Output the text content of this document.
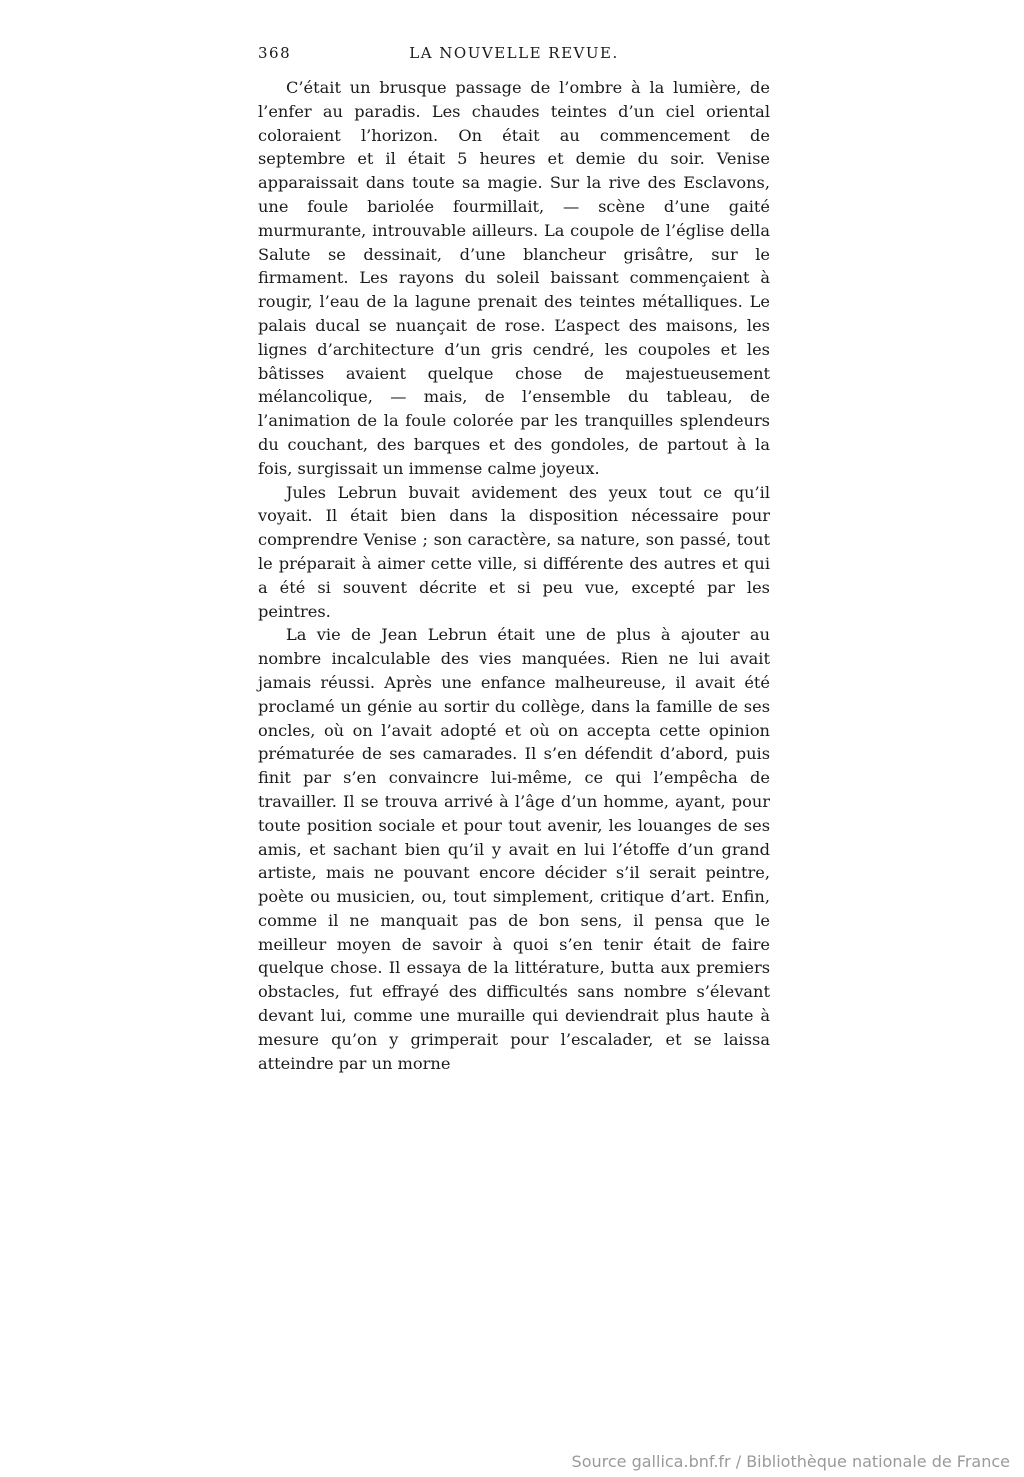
368	LA NOUVELLE REVUE.

C’était un brusque passage de l’ombre à la lumière, de l’enfer au paradis. Les chaudes teintes d’un ciel oriental coloraient l’horizon. On était au commencement de septembre et il était 5 heures et demie du soir. Venise apparaissait dans toute sa magie. Sur la rive des Esclavons, une foule bariolée fourmillait, — scène d’une gaité murmurante, introuvable ailleurs. La coupole de l’église della Salute se dessinait, d’une blancheur grisâtre, sur le firmament. Les rayons du soleil baissant commençaient à rougir, l’eau de la lagune prenait des teintes métalliques. Le palais ducal se nuançait de rose. L’aspect des maisons, les lignes d’architecture d’un gris cendré, les coupoles et les bâtisses avaient quelque chose de majestueusement mélancolique, — mais, de l’ensemble du tableau, de l’animation de la foule colorée par les tranquilles splendeurs du couchant, des barques et des gondoles, de partout à la fois, surgissait un immense calme joyeux.

Jules Lebrun buvait avidement des yeux tout ce qu’il voyait. Il était bien dans la disposition nécessaire pour comprendre Venise ; son caractère, sa nature, son passé, tout le préparait à aimer cette ville, si différente des autres et qui a été si souvent décrite et si peu vue, excepté par les peintres.

La vie de Jean Lebrun était une de plus à ajouter au nombre incalculable des vies manquées. Rien ne lui avait jamais réussi. Après une enfance malheureuse, il avait été proclamé un génie au sortir du collège, dans la famille de ses oncles, où on l’avait adopté et où on accepta cette opinion prématurée de ses camarades. Il s’en défendit d’abord, puis finit par s’en convaincre lui-même, ce qui l’empêcha de travailler. Il se trouva arrivé à l’âge d’un homme, ayant, pour toute position sociale et pour tout avenir, les louanges de ses amis, et sachant bien qu’il y avait en lui l’étoffe d’un grand artiste, mais ne pouvant encore décider s’il serait peintre, poète ou musicien, ou, tout simplement, critique d’art. Enfin, comme il ne manquait pas de bon sens, il pensa que le meilleur moyen de savoir à quoi s’en tenir était de faire quelque chose. Il essaya de la littérature, butta aux premiers obstacles, fut effrayé des difficultés sans nombre s’élevant devant lui, comme une muraille qui deviendrait plus haute à mesure qu’on y grimperait pour l’escalader, et se laissa atteindre par un morne

Source gallica.bnf.fr / Bibliothèque nationale de France
